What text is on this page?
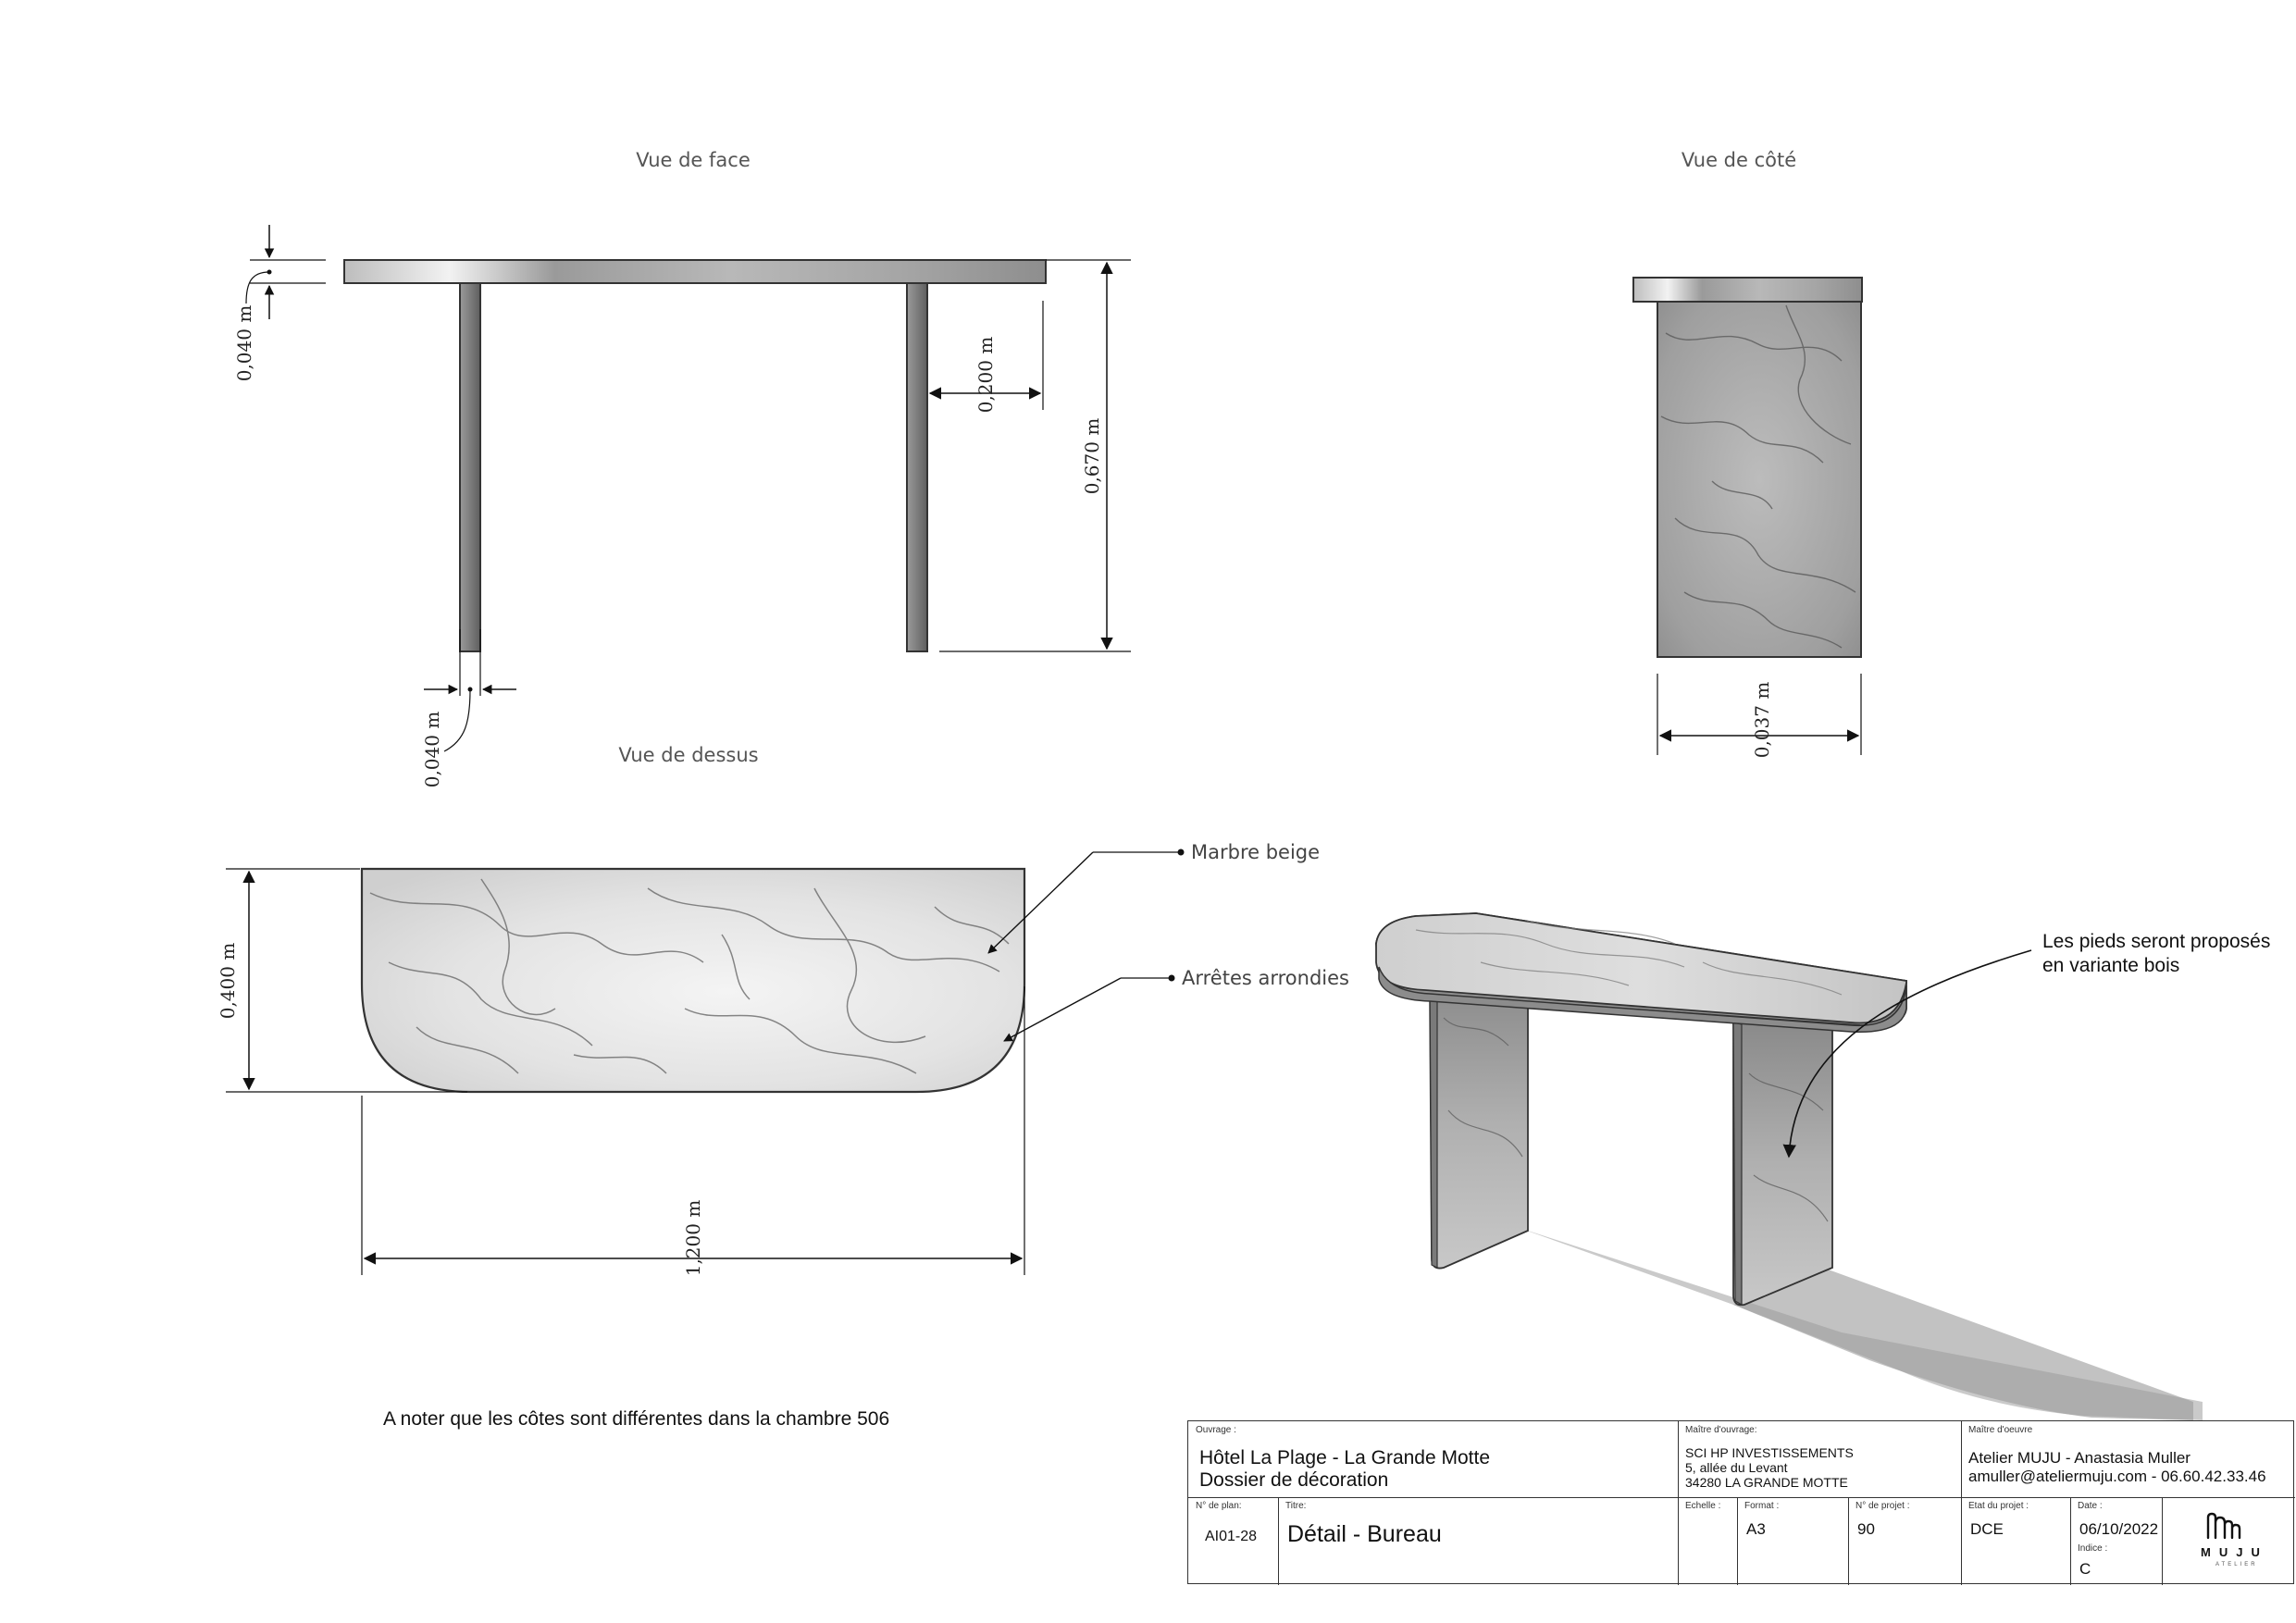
Vue de face	Vue de côté
Vue de dessus
0,040 m	0,200 m
0,670 m
0,040 m	0,037 m
0,400 m
1,200 m
Marbre beige
Arrêtes arrondies
Les pieds seront proposés
en variante bois
A noter que les côtes sont différentes dans la chambre 506
Ouvrage :
Hôtel La Plage - La Grande Motte
Dossier de décoration
Maître d'ouvrage:
SCI HP INVESTISSEMENTS
5, allée du Levant
34280 LA GRANDE MOTTE
Maître d'oeuvre
Atelier MUJU - Anastasia Muller
amuller@ateliermuju.com - 06.60.42.33.46
N° de plan:
AI01-28
Titre:
Détail - Bureau
Echelle :	Format :
A3
N° de projet :
90
Etat du projet :
DCE
Date :
06/10/2022
Indice :
C
MUJU
ATELIER
